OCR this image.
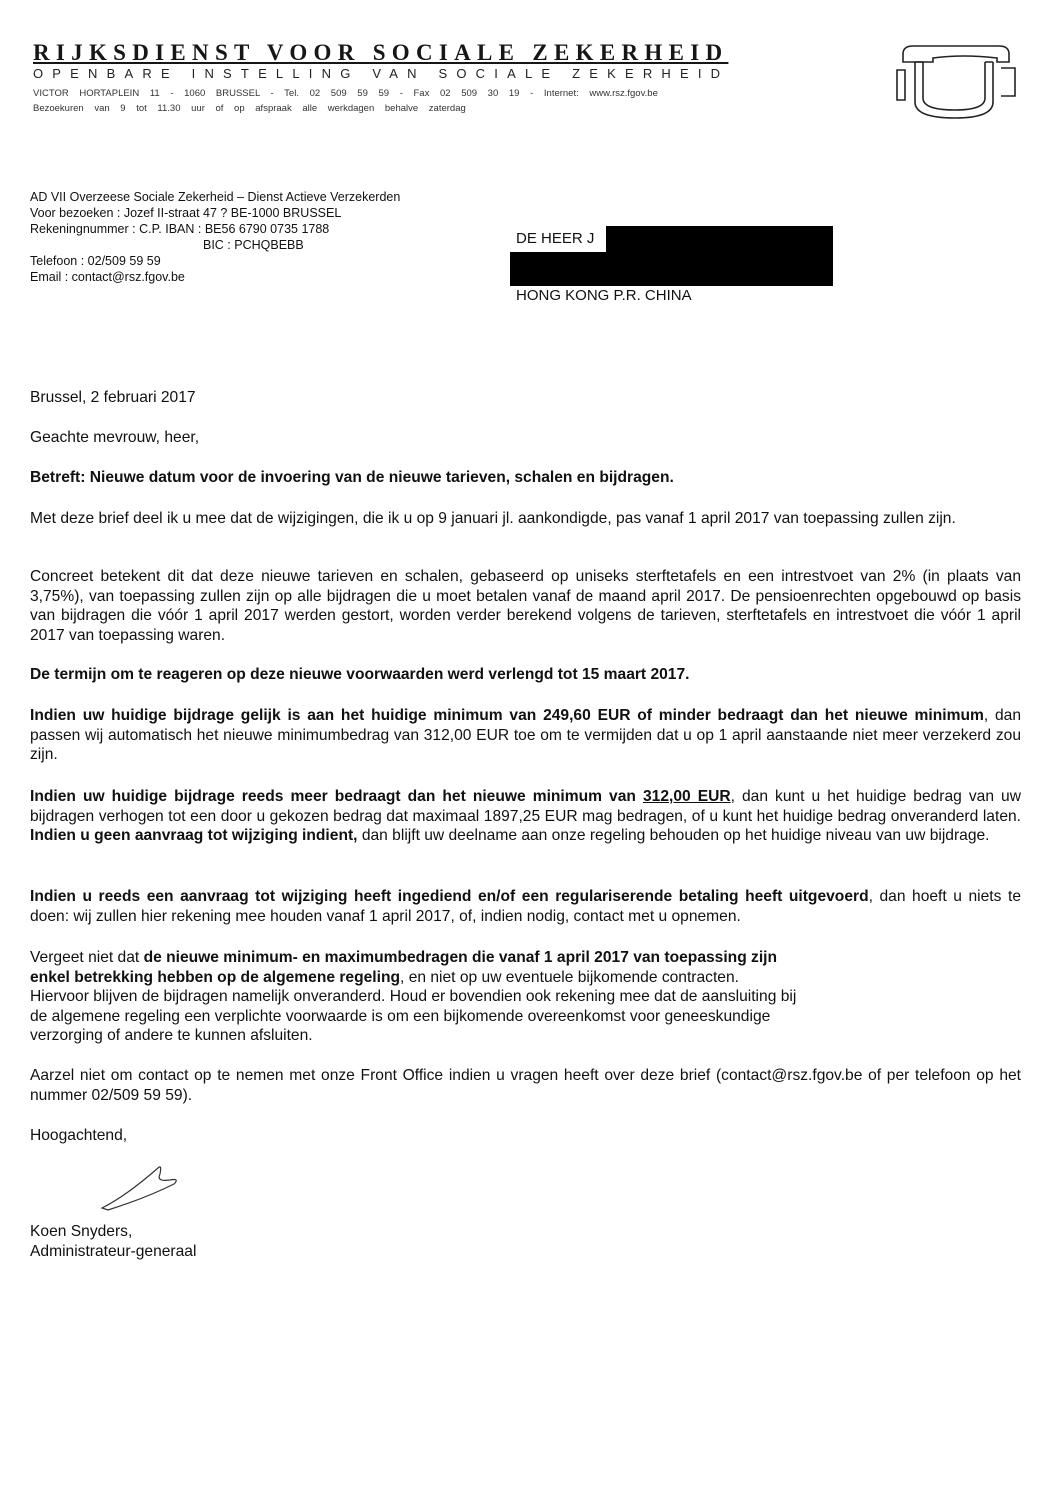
RIJKSDIENST VOOR SOCIALE ZEKERHEID
OPENBARE INSTELLING VAN SOCIALE ZEKERHEID
VICTOR HORTAPLEIN 11 - 1060 BRUSSEL - Tel. 02 509 59 59 - Fax 02 509 30 19 - Internet: www.rsz.fgov.be
Bezoekuren van 9 tot 11.30 uur of op afspraak alle werkdagen behalve zaterdag
AD VII Overzeese Sociale Zekerheid – Dienst Actieve Verzekerden
Voor bezoeken : Jozef II-straat 47 ? BE-1000 BRUSSEL
Rekeningnummer : C.P. IBAN : BE56 6790 0735 1788
BIC : PCHQBEBB
Telefoon : 02/509 59 59
Email : contact@rsz.fgov.be
DE HEER J
HONG KONG P.R. CHINA
Brussel, 2 februari 2017
Geachte mevrouw, heer,
Betreft: Nieuwe datum voor de invoering van de nieuwe tarieven, schalen en bijdragen.
Met deze brief deel ik u mee dat de wijzigingen, die ik u op 9 januari jl. aankondigde, pas vanaf 1 april 2017 van toepassing zullen zijn.
Concreet betekent dit dat deze nieuwe tarieven en schalen, gebaseerd op uniseks sterftetafels en een intrestvoet van 2% (in plaats van 3,75%), van toepassing zullen zijn op alle bijdragen die u moet betalen vanaf de maand april 2017. De pensioenrechten opgebouwd op basis van bijdragen die vóór 1 april 2017 werden gestort, worden verder berekend volgens de tarieven, sterftetafels en intrestvoet die vóór 1 april 2017 van toepassing waren.
De termijn om te reageren op deze nieuwe voorwaarden werd verlengd tot 15 maart 2017.
Indien uw huidige bijdrage gelijk is aan het huidige minimum van 249,60 EUR of minder bedraagt dan het nieuwe minimum, dan passen wij automatisch het nieuwe minimumbedrag van 312,00 EUR toe om te vermijden dat u op 1 april aanstaande niet meer verzekerd zou zijn.
Indien uw huidige bijdrage reeds meer bedraagt dan het nieuwe minimum van 312,00 EUR, dan kunt u het huidige bedrag van uw bijdragen verhogen tot een door u gekozen bedrag dat maximaal 1897,25 EUR mag bedragen, of u kunt het huidige bedrag onveranderd laten. Indien u geen aanvraag tot wijziging indient, dan blijft uw deelname aan onze regeling behouden op het huidige niveau van uw bijdrage.
Indien u reeds een aanvraag tot wijziging heeft ingediend en/of een regulariserende betaling heeft uitgevoerd, dan hoeft u niets te doen: wij zullen hier rekening mee houden vanaf 1 april 2017, of, indien nodig, contact met u opnemen.
Vergeet niet dat de nieuwe minimum- en maximumbedragen die vanaf 1 april 2017 van toepassing zijn
enkel betrekking hebben op de algemene regeling, en niet op uw eventuele bijkomende contracten.
Hiervoor blijven de bijdragen namelijk onveranderd. Houd er bovendien ook rekening mee dat de aansluiting bij
de algemene regeling een verplichte voorwaarde is om een bijkomende overeenkomst voor geneeskundige
verzorging of andere te kunnen afsluiten.
Aarzel niet om contact op te nemen met onze Front Office indien u vragen heeft over deze brief (contact@rsz.fgov.be of per telefoon op het nummer 02/509 59 59).
Hoogachtend,
Koen Snyders,
Administrateur-generaal
